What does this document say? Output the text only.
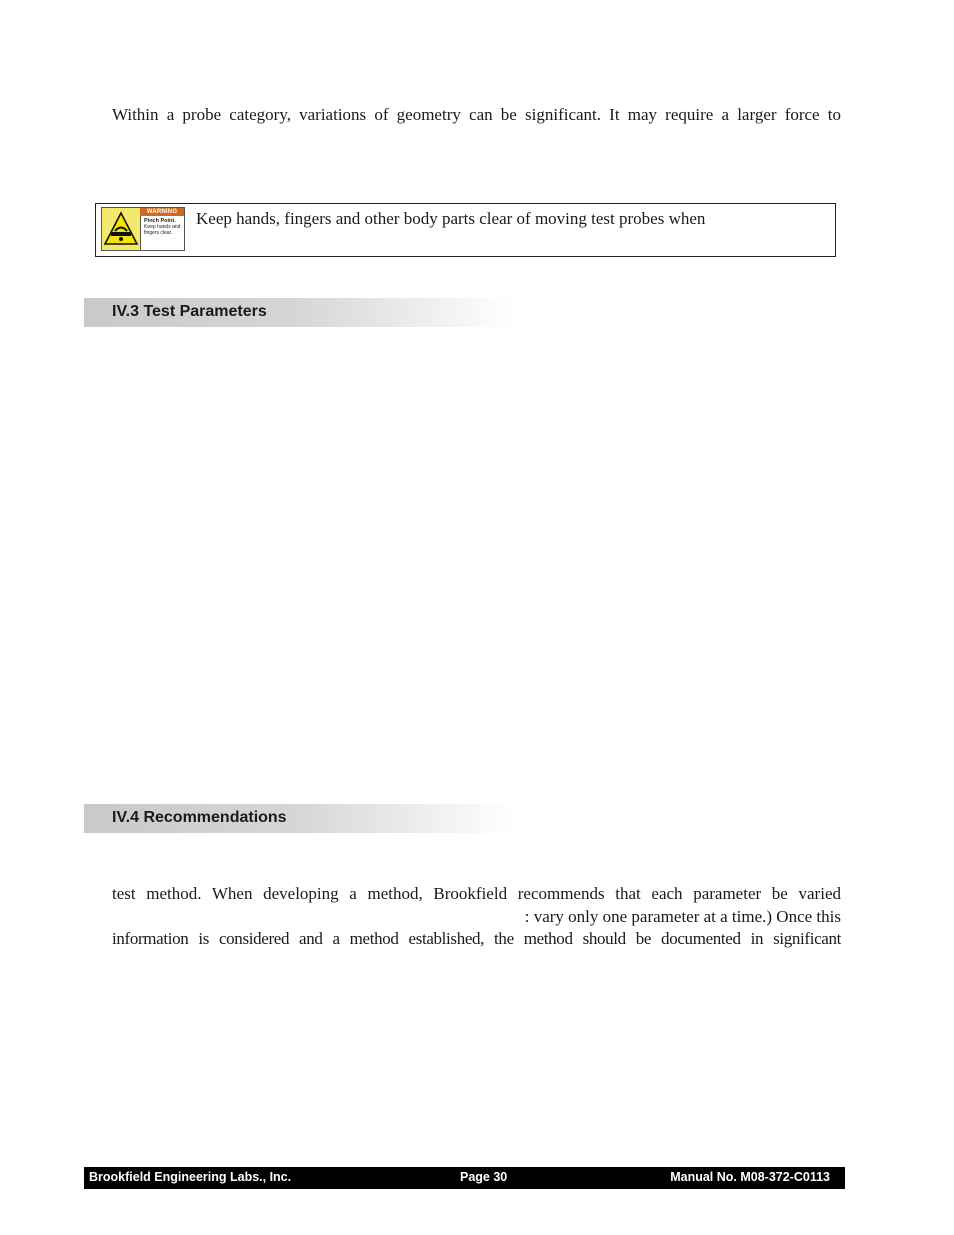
Within a probe category, variations of geometry can be significant. It may require a larger force to
WARNING
Pinch Point.
Keep hands and fingers clear.
Keep hands, fingers and other body parts clear of moving test probes when
IV.3 Test Parameters
IV.4 Recommendations
test method. When developing a method, Brookfield recommends that each parameter be varied
: vary only one parameter at a time.) Once this
information is considered and a method established, the method should be documented in significant
Brookfield Engineering Labs., Inc.	Page 30	Manual No. M08-372-C0113
